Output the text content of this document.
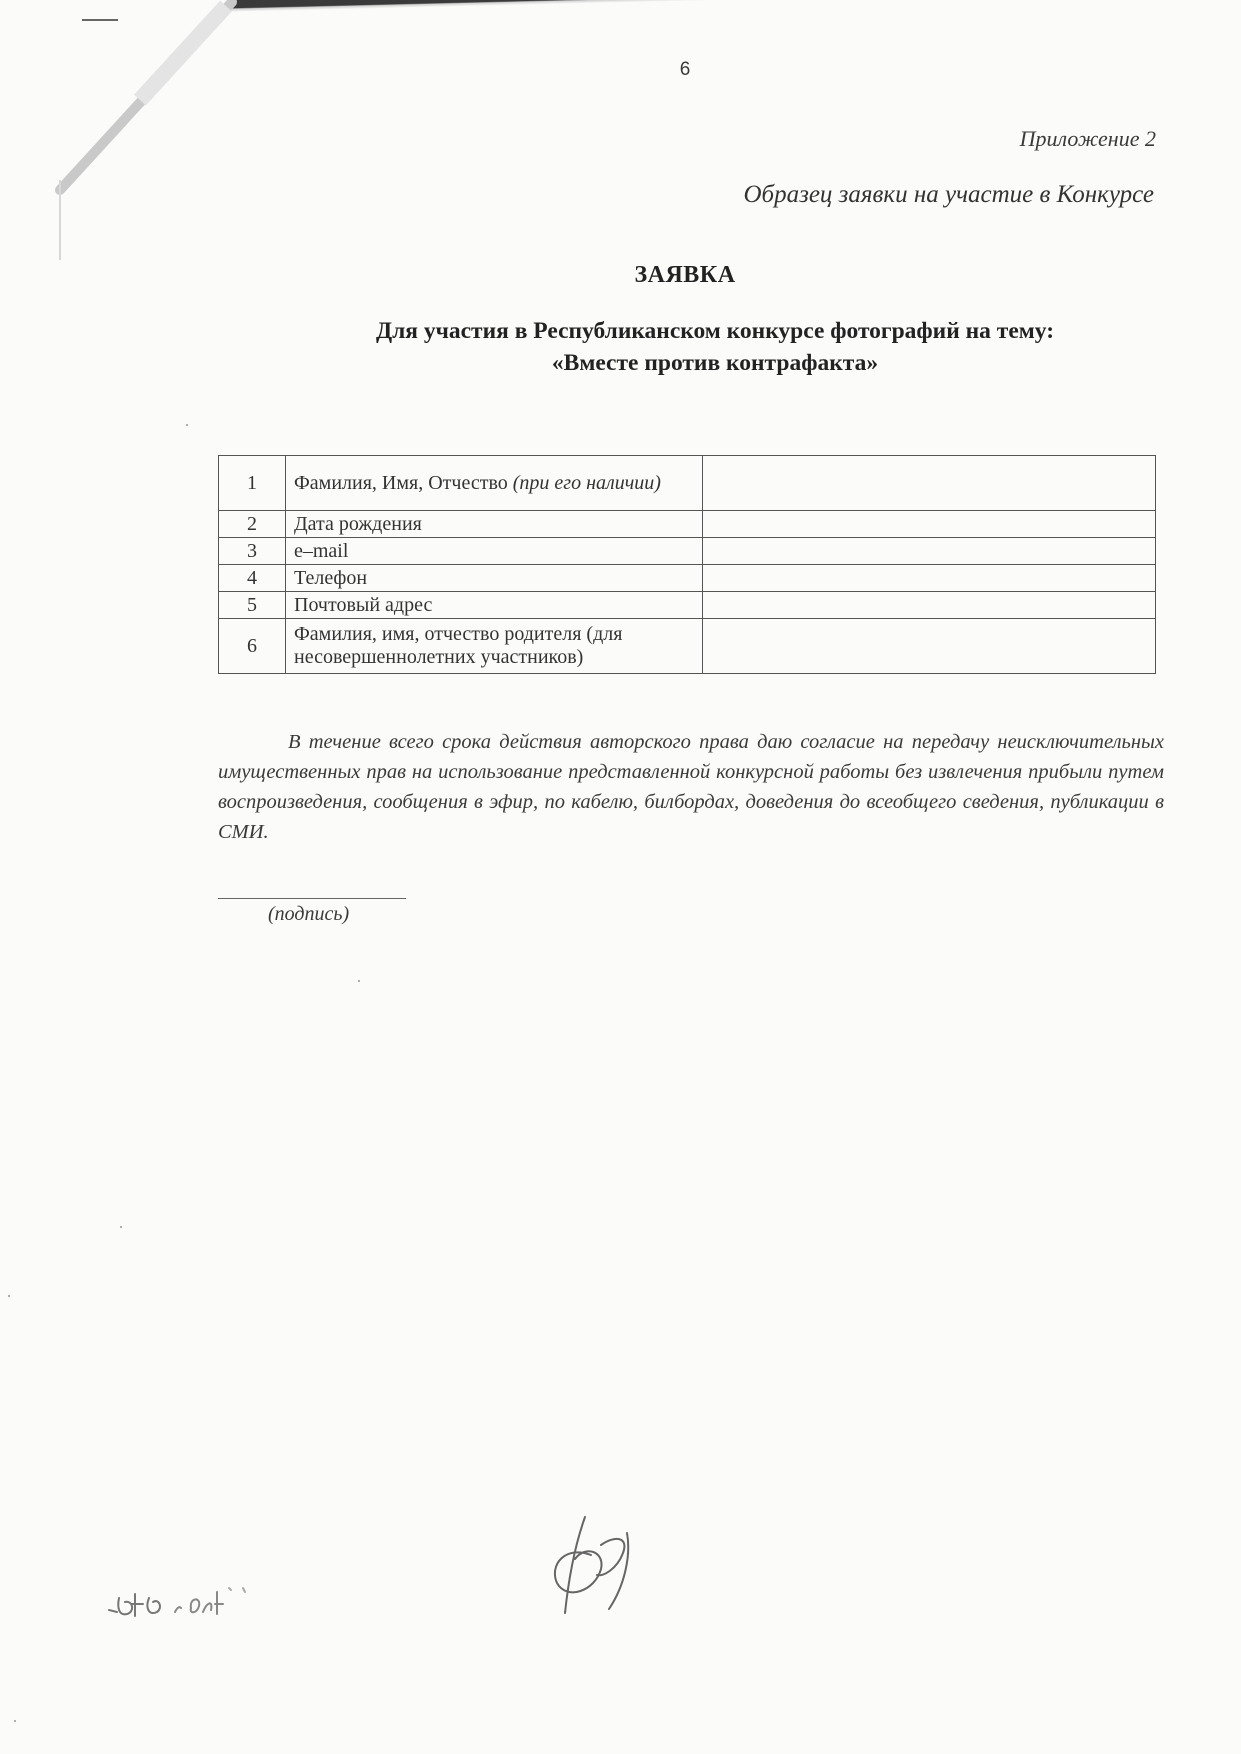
6
Приложение 2
Образец заявки на участие в Конкурсе
ЗАЯВКА
Для участия в Республиканском конкурсе фотографий на тему:
«Вместе против контрафакта»
1	Фамилия, Имя, Отчество (при его наличии)	
2	Дата рождения	
3	e–mail	
4	Телефон	
5	Почтовый адрес	
6	Фамилия, имя, отчество родителя (для несовершеннолетних участников)	
В течение всего срока действия авторского права даю согласие на передачу неисключительных имущественных прав на использование представленной конкурсной работы без извлечения прибыли путем воспроизведения, сообщения в эфир, по кабелю, билбордах, доведения до всеобщего сведения, публикации в СМИ.
(подпись)
